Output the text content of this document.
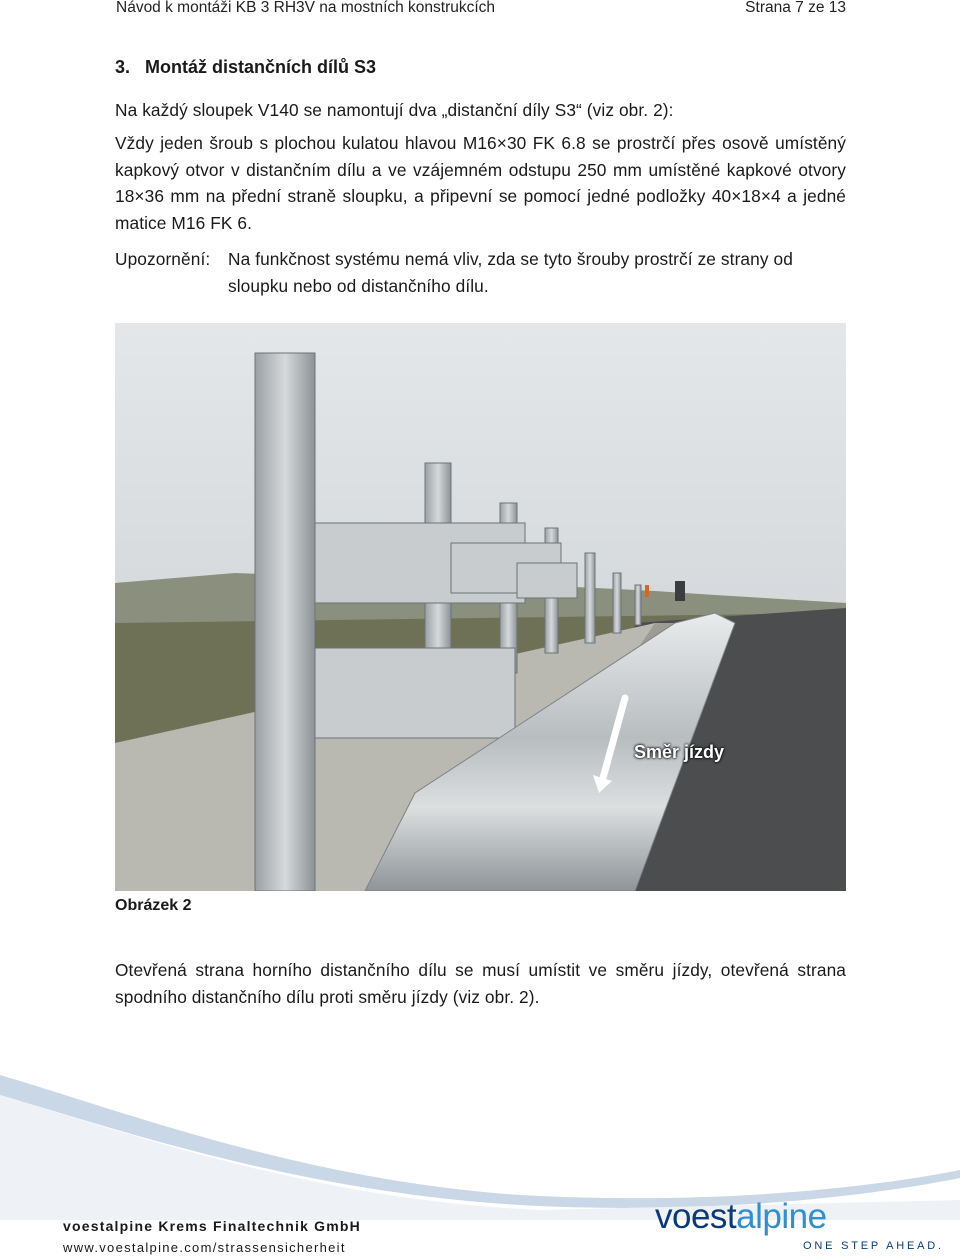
Návod k montáži KB 3 RH3V na mostních konstrukcích	Strana 7 ze 13
3.   Montáž distančních dílů S3
Na každý sloupek V140 se namontují dva „distanční díly S3“ (viz obr. 2):
Vždy jeden šroub s plochou kulatou hlavou M16×30 FK 6.8 se prostrčí přes osově umístěný kapkový otvor v distančním dílu a ve vzájemném odstupu 250 mm umístěné kapkové otvory 18×36 mm na přední straně sloupku, a připevní se pomocí jedné podložky 40×18×4 a jedné matice M16 FK 6.
Upozornění:	Na funkčnost systému nemá vliv, zda se tyto šrouby prostrčí ze strany od sloupku nebo od distančního dílu.
Směr jízdy
Obrázek 2
Otevřená strana horního distančního dílu se musí umístit ve směru jízdy, otevřená strana spodního distančního dílu proti směru jízdy (viz obr. 2).
voestalpine Krems Finaltechnik GmbH
www.voestalpine.com/strassensicherheit
voestalpine
ONE STEP AHEAD.
